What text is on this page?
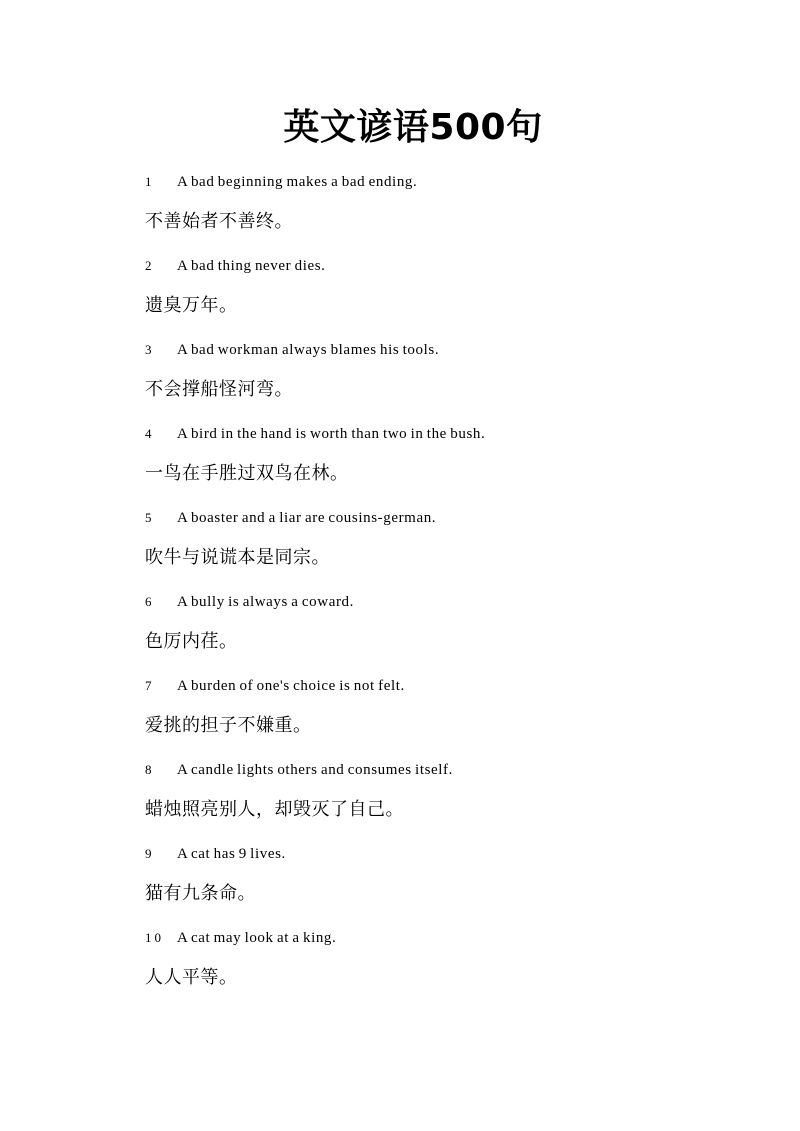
英文谚语500句
1 A bad beginning makes a bad ending.
不善始者不善终。
2 A bad thing never dies.
遗臭万年。
3 A bad workman always blames his tools.
不会撑船怪河弯。
4 A bird in the hand is worth than two in the bush.
一鸟在手胜过双鸟在林。
5 A boaster and a liar are cousins-german.
吹牛与说谎本是同宗。
6 A bully is always a coward.
色厉内荏。
7 A burden of one's choice is not felt.
爱挑的担子不嫌重。
8 A candle lights others and consumes itself.
蜡烛照亮别人，却毁灭了自己。
9 A cat has 9 lives.
猫有九条命。
10 A cat may look at a king.
人人平等。
